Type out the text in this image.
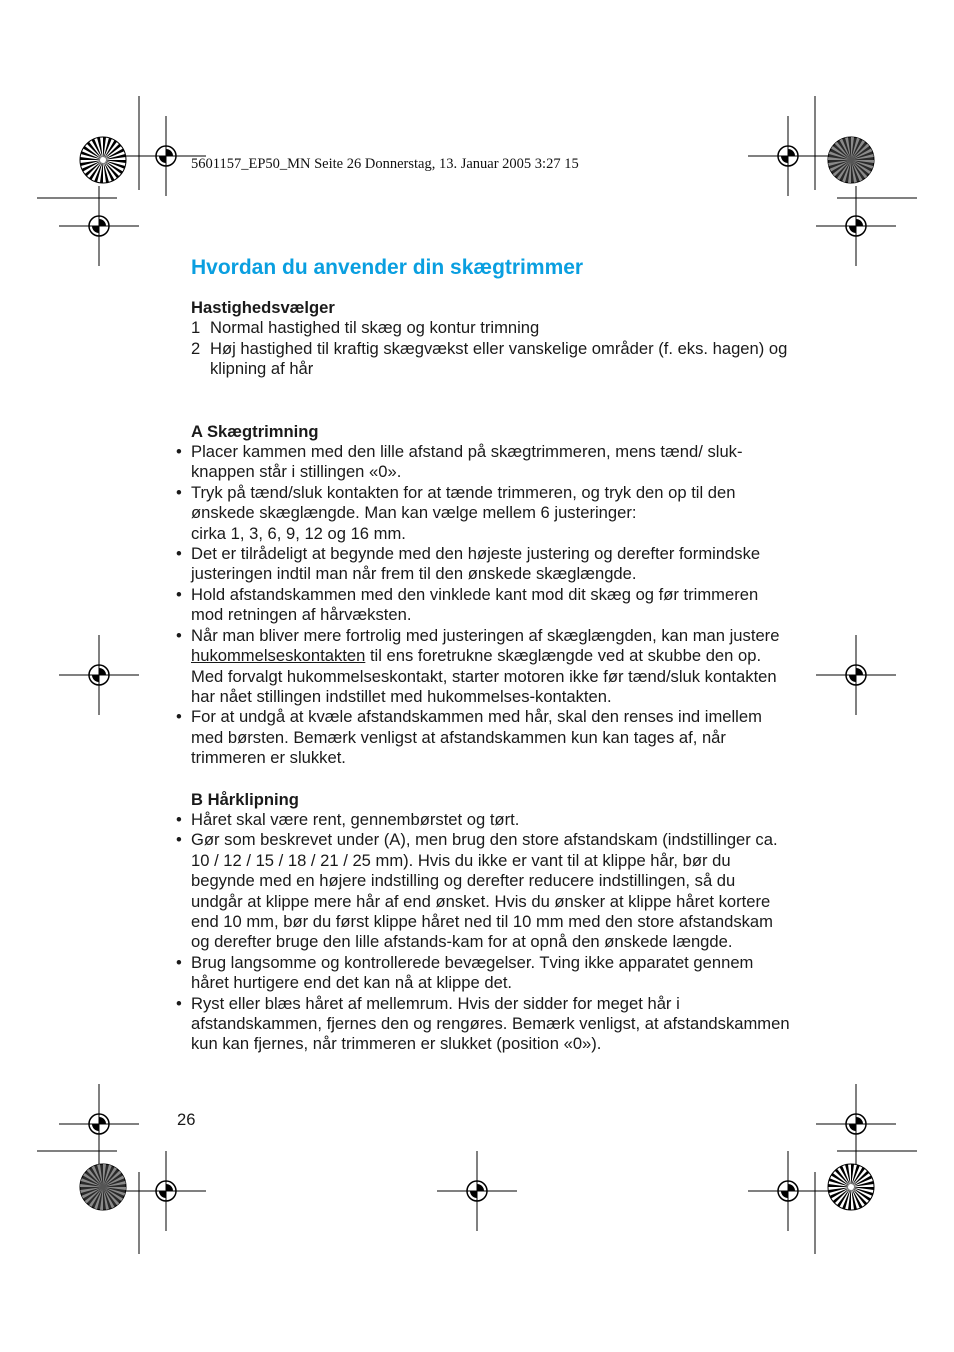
5601157_EP50_MN Seite 26 Donnerstag, 13. Januar 2005 3:27 15
Hvordan du anvender din skægtrimmer
Hastighedsvælger
1 Normal hastighed til skæg og kontur trimning
2 Høj hastighed til kraftig skægvækst eller vanskelige områder (f. eks. hagen) og klipning af hår
A Skægtrimning
• Placer kammen med den lille afstand på skægtrimmeren, mens tænd/ sluk-knappen står i stillingen «0».
• Tryk på tænd/sluk kontakten for at tænde trimmeren, og tryk den op til den ønskede skæglængde. Man kan vælge mellem 6 justeringer:
cirka 1, 3, 6, 9, 12 og 16 mm.
• Det er tilrådeligt at begynde med den højeste justering og derefter formindske justeringen indtil man når frem til den ønskede skæglængde.
• Hold afstandskammen med den vinklede kant mod dit skæg og før trimmeren mod retningen af hårvæksten.
• Når man bliver mere fortrolig med justeringen af skæglængden, kan man justere hukommelseskontakten til ens foretrukne skæglængde ved at skubbe den op. Med forvalgt hukommelseskontakt, starter motoren ikke før tænd/sluk kontakten har nået stillingen indstillet med hukommelses-kontakten.
• For at undgå at kvæle afstandskammen med hår, skal den renses ind imellem med børsten. Bemærk venligst at afstandskammen kun kan tages af, når trimmeren er slukket.
B Hårklipning
• Håret skal være rent, gennembørstet og tørt.
• Gør som beskrevet under (A), men brug den store afstandskam (indstillinger ca. 10 / 12 / 15 / 18 / 21 / 25 mm). Hvis du ikke er vant til at klippe hår, bør du begynde med en højere indstilling og derefter reducere indstillingen, så du undgår at klippe mere hår af end ønsket. Hvis du ønsker at klippe håret kortere end 10 mm, bør du først klippe håret ned til 10 mm med den store afstandskam og derefter bruge den lille afstands-kam for at opnå den ønskede længde.
• Brug langsomme og kontrollerede bevægelser. Tving ikke apparatet gennem håret hurtigere end det kan nå at klippe det.
• Ryst eller blæs håret af mellemrum. Hvis der sidder for meget hår i afstandskammen, fjernes den og rengøres. Bemærk venligst, at afstandskammen kun kan fjernes, når trimmeren er slukket (position «0»).
26
